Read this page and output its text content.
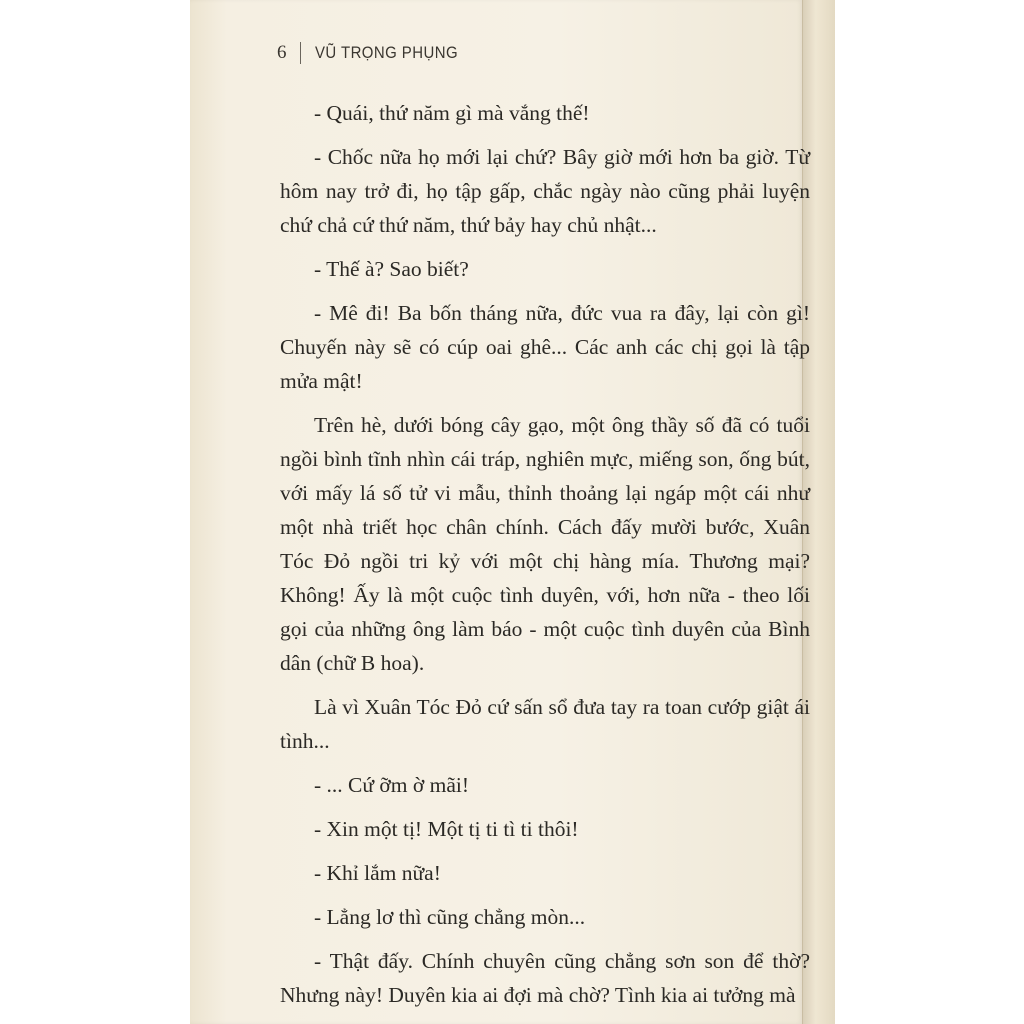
6 VŨ TRỌNG PHỤNG

- Quái, thứ năm gì mà vắng thế!

- Chốc nữa họ mới lại chứ? Bây giờ mới hơn ba giờ. Từ hôm nay trở đi, họ tập gấp, chắc ngày nào cũng phải luyện chứ chả cứ thứ năm, thứ bảy hay chủ nhật...

- Thế à? Sao biết?

- Mê đi! Ba bốn tháng nữa, đức vua ra đây, lại còn gì! Chuyến này sẽ có cúp oai ghê... Các anh các chị gọi là tập mửa mật!

Trên hè, dưới bóng cây gạo, một ông thầy số đã có tuổi ngồi bình tĩnh nhìn cái tráp, nghiên mực, miếng son, ống bút, với mấy lá số tử vi mẫu, thỉnh thoảng lại ngáp một cái như một nhà triết học chân chính. Cách đấy mười bước, Xuân Tóc Đỏ ngồi tri kỷ với một chị hàng mía. Thương mại? Không! Ấy là một cuộc tình duyên, với, hơn nữa - theo lối gọi của những ông làm báo - một cuộc tình duyên của Bình dân (chữ B hoa).

Là vì Xuân Tóc Đỏ cứ sấn sổ đưa tay ra toan cướp giật ái tình...

- ... Cứ ỡm ờ mãi!

- Xin một tị! Một tị ti tì ti thôi!

- Khỉ lắm nữa!

- Lẳng lơ thì cũng chẳng mòn...

- Thật đấy. Chính chuyên cũng chẳng sơn son để thờ? Nhưng này! Duyên kia ai đợi mà chờ? Tình kia ai tưởng mà
